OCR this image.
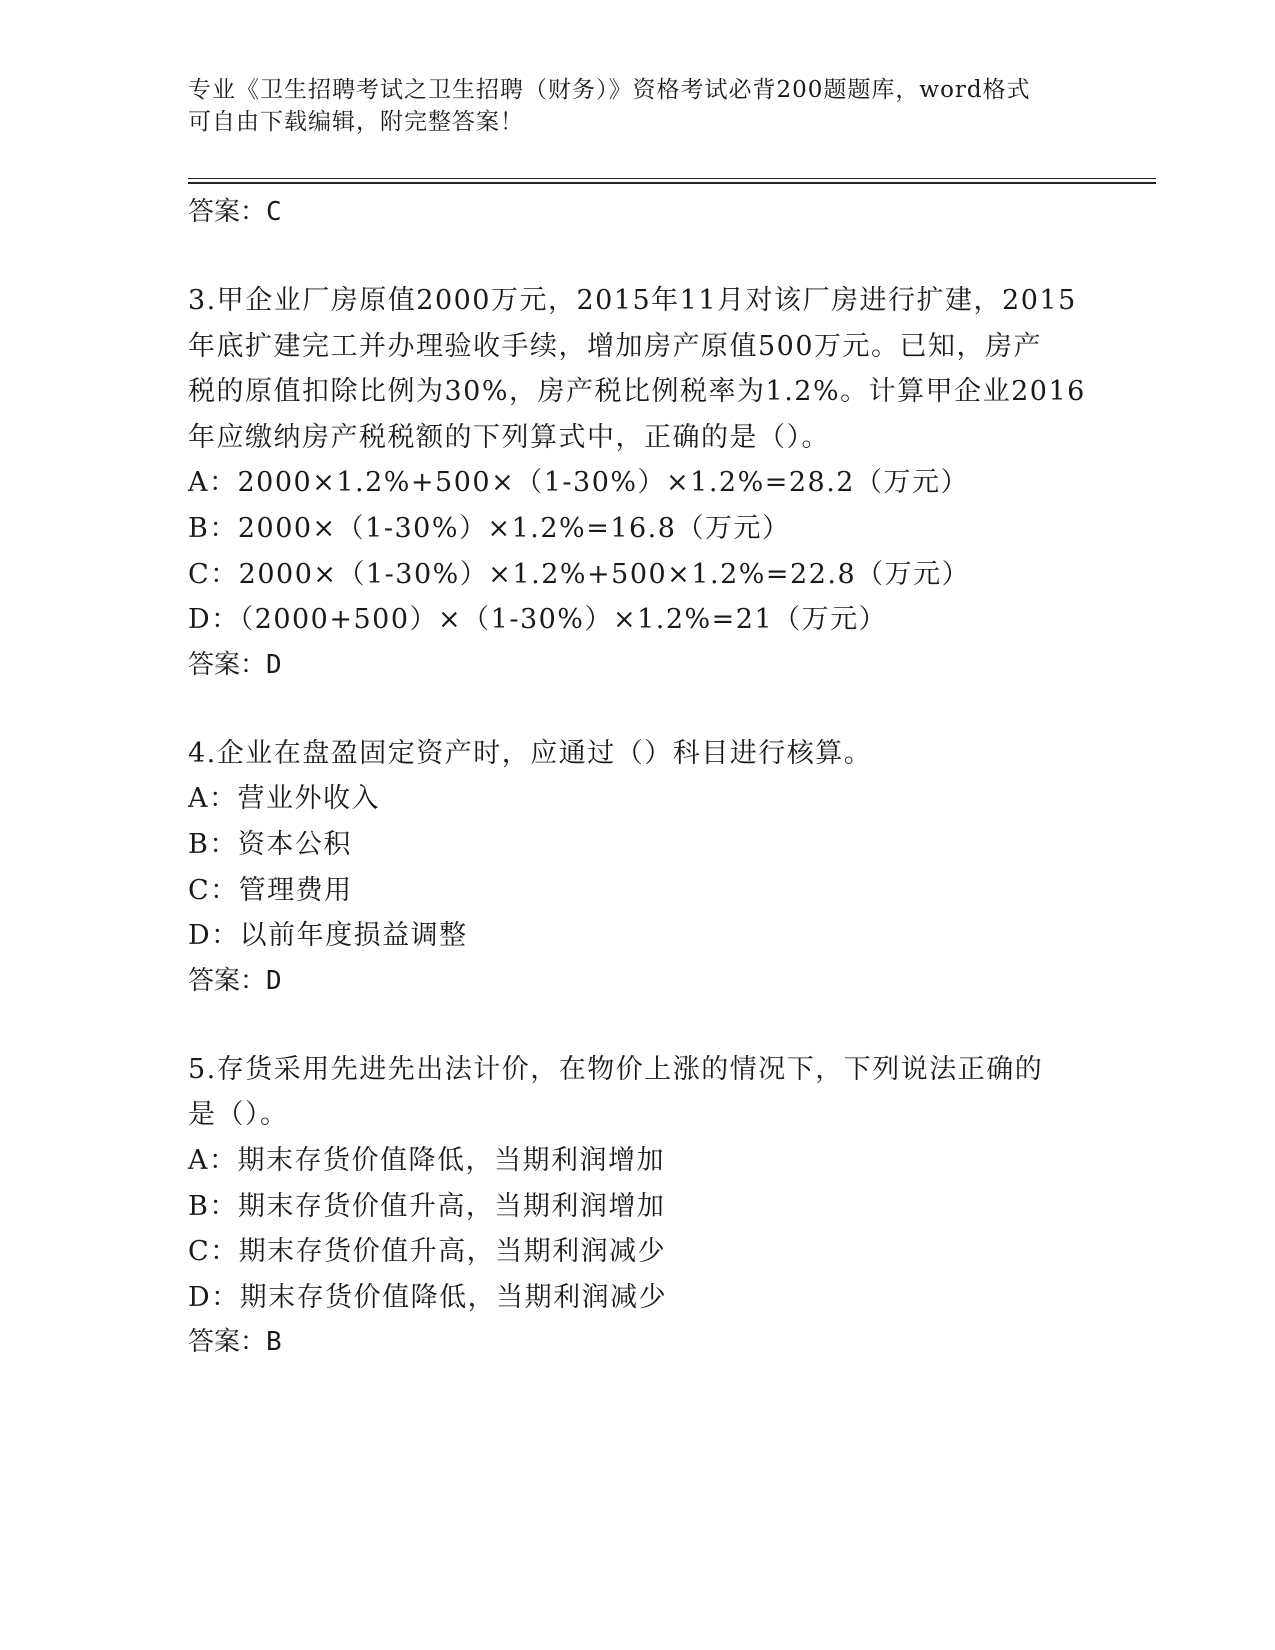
专业《卫生招聘考试之卫生招聘（财务）》资格考试必背200题题库，word格式
可自由下载编辑，附完整答案！
答案：C
3.甲企业厂房原值2000万元，2015年11月对该厂房进行扩建，2015
年底扩建完工并办理验收手续，增加房产原值500万元。已知，房产
税的原值扣除比例为30%，房产税比例税率为1.2%。计算甲企业2016
年应缴纳房产税税额的下列算式中，正确的是（）。
A：2000×1.2%+500×（1-30%）×1.2%=28.2（万元）
B：2000×（1-30%）×1.2%=16.8（万元）
C：2000×（1-30%）×1.2%+500×1.2%=22.8（万元）
D：（2000+500）×（1-30%）×1.2%=21（万元）
答案：D
4.企业在盘盈固定资产时，应通过（）科目进行核算。
A：营业外收入
B：资本公积
C：管理费用
D：以前年度损益调整
答案：D
5.存货采用先进先出法计价，在物价上涨的情况下，下列说法正确的
是（）。
A：期末存货价值降低，当期利润增加
B：期末存货价值升高，当期利润增加
C：期末存货价值升高，当期利润减少
D：期末存货价值降低，当期利润减少
答案：B
